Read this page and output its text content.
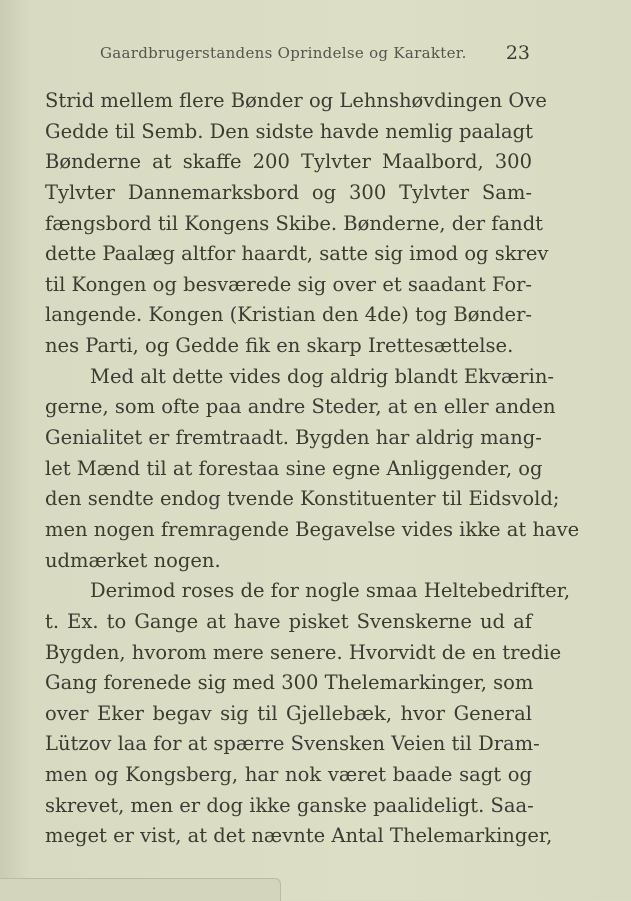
Gaardbrugerstandens Oprindelse og Karakter. 23
Strid mellem flere Bønder og Lehnshøvdingen Ove
Gedde til Semb. Den sidste havde nemlig paalagt
Bønderne at skaffe 200 Tylvter Maalbord, 300
Tylvter Dannemarksbord og 300 Tylvter Sam-
fængsbord til Kongens Skibe. Bønderne, der fandt
dette Paalæg altfor haardt, satte sig imod og skrev
til Kongen og besværede sig over et saadant For-
langende. Kongen (Kristian den 4de) tog Bønder-
nes Parti, og Gedde fik en skarp Irettesættelse.
Med alt dette vides dog aldrig blandt Ekværin-
gerne, som ofte paa andre Steder, at en eller anden
Genialitet er fremtraadt. Bygden har aldrig mang-
let Mænd til at forestaa sine egne Anliggender, og
den sendte endog tvende Konstituenter til Eidsvold;
men nogen fremragende Begavelse vides ikke at have
udmærket nogen.
Derimod roses de for nogle smaa Heltebedrifter,
t. Ex. to Gange at have pisket Svenskerne ud af
Bygden, hvorom mere senere. Hvorvidt de en tredie
Gang forenede sig med 300 Thelemarkinger, som
over Eker begav sig til Gjellebæk, hvor General
Lützov laa for at spærre Svensken Veien til Dram-
men og Kongsberg, har nok været baade sagt og
skrevet, men er dog ikke ganske paalideligt. Saa-
meget er vist, at det nævnte Antal Thelemarkinger,
